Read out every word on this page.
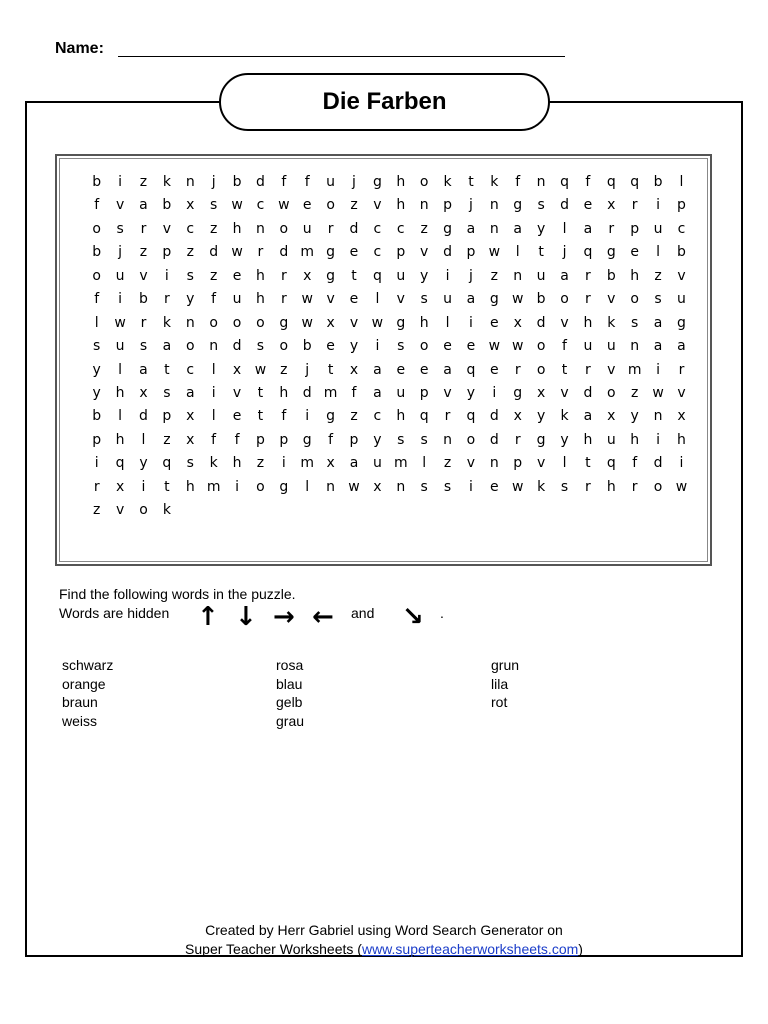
Name:
Die Farben
b	i	z	k	n	j	b	d	f	f	u	j	g	h	o	k	t	k	f	n	q	f	q	q	b	l
f	v	a	b	x	s	w c w e	o	z	v	h	n	p	j	n	g	s	d	e	x	r	i	p
o	s	r	v	c	z	h	n	o	u	r	d	c	c	z	g	a	n	a	y	l	a	r	p	u	c
b	j	z	p	z	d w	r	d m g	e	c	p	v	d	p w	l	t	j	q	g	e	l	b
o	u	v	i	s	z	e	h	r	x	g	t	q	u	y	i	j	z	n	u	a	r	b	h	z	v
f	i	b	r	y	f	u	h	r	w v	e	l	v	s	u	a	g w b	o	r	v	o	s	u
l	w	r	k	n	o	o	o	g w x	v w g	h	l	i	e	x	d	v	h	k	s	a	g
s	u	s	a	o	n	d	s	o	b	e	y	i	s	o	e	e w w o	f	u	u	n	a	a
y	l	a	t	c	l	x w z	j	t	x	a	e	e	a	q	e	r	o	t	r	v m	i	r
y	h	x	s	a	i	v	t	h	d m	f	a	u	p	v	y	i	g	x	v	d	o	z w v
b	l	d	p	x	l	e	t	f	i	g	z	c	h	q	r	q	d	x	y	k	a	x	y	n	x
p	h	l	z	x	f	f	p	p	g	f	p	y	s	s	n	o	d	r	g	y	h	u	h	i	h
i	q	y	q	s	k	h	z	i	m x	a	u m	l	z	v	n	p	v	l	t	q	f	d	i
r	x	i	t	h m	i	o	g	l	n w x	n	s	s	i	e w k	s	r	h	r	o w
z	v	o	k
Find the following words in the puzzle.
Words are hidden ↑ ↓ → ← and ↘ .
schwarz
orange
braun
weiss
rosa
blau
gelb
grau
grun
lila
rot
Created by Herr Gabriel using Word Search Generator on
Super Teacher Worksheets (www.superteacherworksheets.com)
